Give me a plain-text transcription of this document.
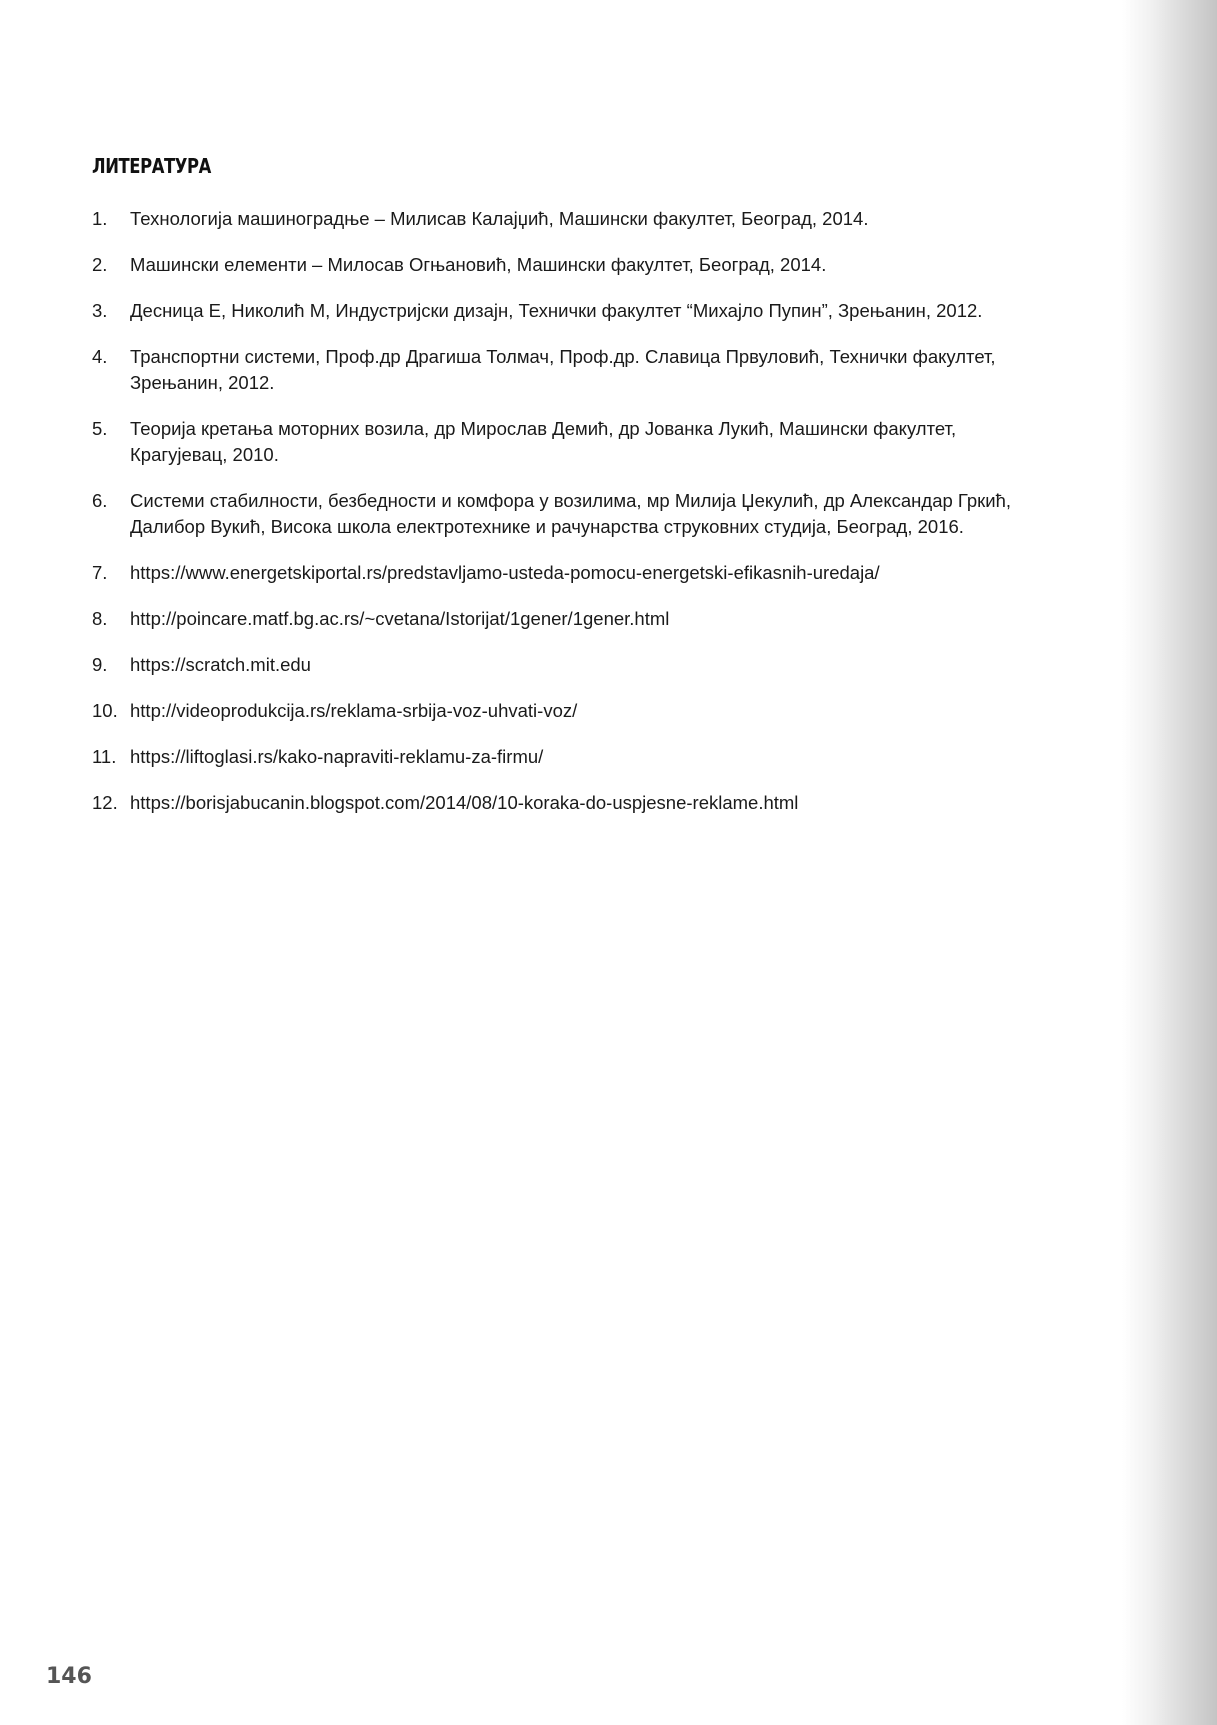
ЛИТЕРАТУРА
1. Технологија машиноградње – Милисав Калајџић, Машински факултет, Београд, 2014.
2. Машински елементи – Милосав Огњановић, Машински факултет, Београд, 2014.
3. Десница Е, Николић М, Индустријски дизајн, Технички факултет “Михајло Пупин”, Зрењанин, 2012.
4. Транспортни системи, Проф.др Драгиша Толмач, Проф.др. Славица Првуловић, Технички факултет, Зрењанин, 2012.
5. Теорија кретања моторних возила, др Мирослав Демић, др Јованка Лукић, Машински факултет, Крагујевац, 2010.
6. Системи стабилности, безбедности и комфора у возилима, мр Милија Џекулић, др Александар Гркић, Далибор Вукић, Висока школа електротехнике и рачунарства струковних студија, Београд, 2016.
7. https://www.energetskiportal.rs/predstavljamo-usteda-pomocu-energetski-efikasnih-uredaja/
8. http://poincare.matf.bg.ac.rs/~cvetana/Istorijat/1gener/1gener.html
9. https://scratch.mit.edu
10. http://videoprodukcija.rs/reklama-srbija-voz-uhvati-voz/
11. https://liftoglasi.rs/kako-napraviti-reklamu-za-firmu/
12. https://borisjabucanin.blogspot.com/2014/08/10-koraka-do-uspjesne-reklame.html
146
